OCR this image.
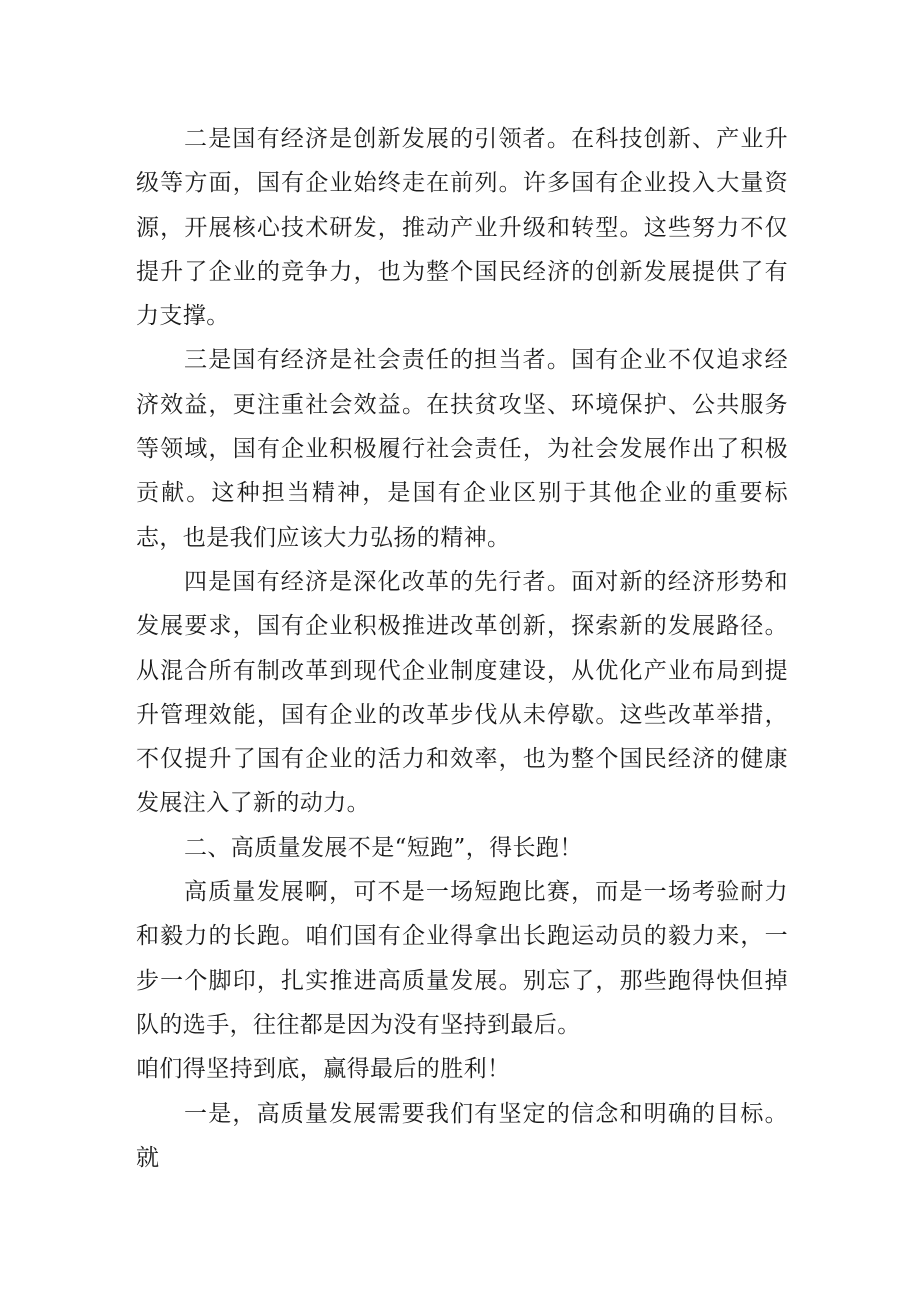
二是国有经济是创新发展的引领者。在科技创新、产业升级等方面，国有企业始终走在前列。许多国有企业投入大量资源，开展核心技术研发，推动产业升级和转型。这些努力不仅提升了企业的竞争力，也为整个国民经济的创新发展提供了有力支撑。

三是国有经济是社会责任的担当者。国有企业不仅追求经济效益，更注重社会效益。在扶贫攻坚、环境保护、公共服务等领域，国有企业积极履行社会责任，为社会发展作出了积极贡献。这种担当精神，是国有企业区别于其他企业的重要标志，也是我们应该大力弘扬的精神。

四是国有经济是深化改革的先行者。面对新的经济形势和发展要求，国有企业积极推进改革创新，探索新的发展路径。从混合所有制改革到现代企业制度建设，从优化产业布局到提升管理效能，国有企业的改革步伐从未停歇。这些改革举措，不仅提升了国有企业的活力和效率，也为整个国民经济的健康发展注入了新的动力。

二、高质量发展不是“短跑”，得长跑！

高质量发展啊，可不是一场短跑比赛，而是一场考验耐力和毅力的长跑。咱们国有企业得拿出长跑运动员的毅力来，一步一个脚印，扎实推进高质量发展。别忘了，那些跑得快但掉队的选手，往往都是因为没有坚持到最后。

咱们得坚持到底，赢得最后的胜利！

一是，高质量发展需要我们有坚定的信念和明确的目标。就
